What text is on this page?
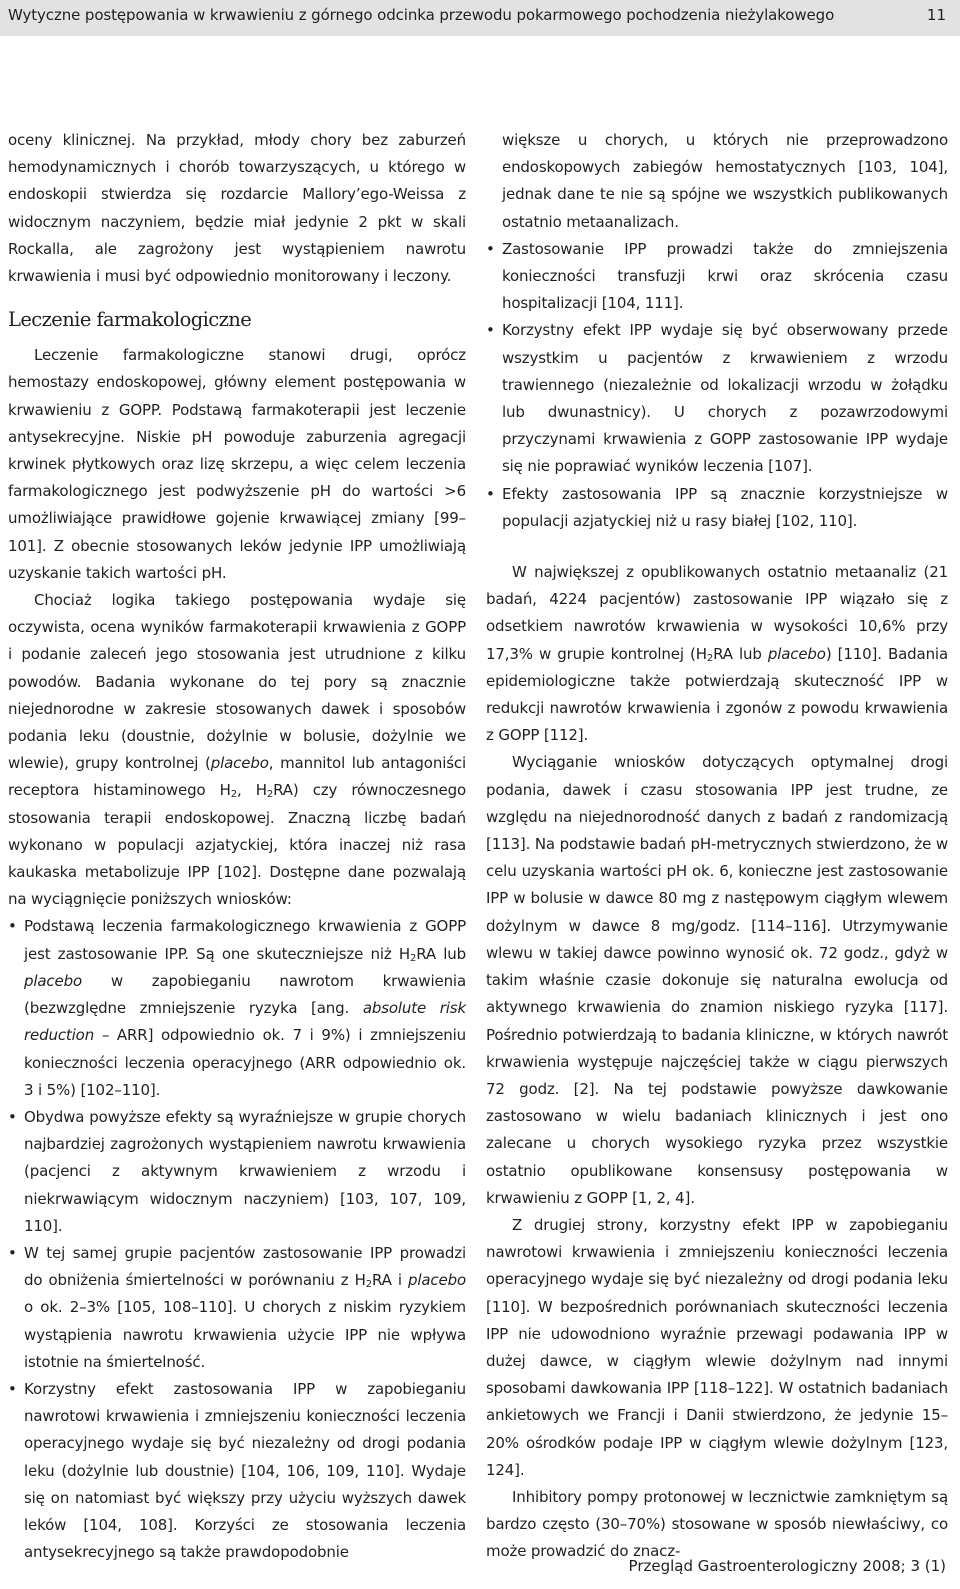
Wytyczne postępowania w krwawieniu z górnego odcinka przewodu pokarmowego pochodzenia nieżylakowego	11

oceny klinicznej. Na przykład, młody chory bez zaburzeń hemodynamicznych i chorób towarzyszących, u którego w endoskopii stwierdza się rozdarcie Mallory’ego-Weissa z widocznym naczyniem, będzie miał jedynie 2 pkt w skali Rockalla, ale zagrożony jest wystąpieniem nawrotu krwawienia i musi być odpowiednio monitorowany i leczony.

Leczenie farmakologiczne

Leczenie farmakologiczne stanowi drugi, oprócz hemostazy endoskopowej, główny element postępowania w krwawieniu z GOPP. Podstawą farmakoterapii jest leczenie antysekrecyjne. Niskie pH powoduje zaburzenia agregacji krwinek płytkowych oraz lizę skrzepu, a więc celem leczenia farmakologicznego jest podwyższenie pH do wartości >6 umożliwiające prawidłowe gojenie krwawiącej zmiany [99–101]. Z obecnie stosowanych leków jedynie IPP umożliwiają uzyskanie takich wartości pH.

Chociaż logika takiego postępowania wydaje się oczywista, ocena wyników farmakoterapii krwawienia z GOPP i podanie zaleceń jego stosowania jest utrudnione z kilku powodów. Badania wykonane do tej pory są znacznie niejednorodne w zakresie stosowanych dawek i sposobów podania leku (doustnie, dożylnie w bolusie, dożylnie we wlewie), grupy kontrolnej (placebo, mannitol lub antagoniści receptora histaminowego $H_2$, $H_2RA$) czy równoczesnego stosowania terapii endoskopowej. Znaczną liczbę badań wykonano w populacji azjatyckiej, która inaczej niż rasa kaukaska metabolizuje IPP [102]. Dostępne dane pozwalają na wyciągnięcie poniższych wniosków:

• Podstawą leczenia farmakologicznego krwawienia z GOPP jest zastosowanie IPP. Są one skuteczniejsze niż $H_2RA$ lub placebo w zapobieganiu nawrotom krwawienia (bezwzględne zmniejszenie ryzyka [ang. absolute risk reduction – ARR] odpowiednio ok. 7 i 9%) i zmniejszeniu konieczności leczenia operacyjnego (ARR odpowiednio ok. 3 i 5%) [102–110].
• Obydwa powyższe efekty są wyraźniejsze w grupie chorych najbardziej zagrożonych wystąpieniem nawrotu krwawienia (pacjenci z aktywnym krwawieniem z wrzodu i niekrwawiącym widocznym naczyniem) [103, 107, 109, 110].
• W tej samej grupie pacjentów zastosowanie IPP prowadzi do obniżenia śmiertelności w porównaniu z $H_2RA$ i placebo o ok. 2–3% [105, 108–110]. U chorych z niskim ryzykiem wystąpienia nawrotu krwawienia użycie IPP nie wpływa istotnie na śmiertelność.
• Korzystny efekt zastosowania IPP w zapobieganiu nawrotowi krwawienia i zmniejszeniu konieczności leczenia operacyjnego wydaje się być niezależny od drogi podania leku (dożylnie lub doustnie) [104, 106, 109, 110]. Wydaje się on natomiast być większy przy użyciu wyższych dawek leków [104, 108]. Korzyści ze stosowania leczenia antysekrecyjnego są także prawdopodobnie

większe u chorych, u których nie przeprowadzono endoskopowych zabiegów hemostatycznych [103, 104], jednak dane te nie są spójne we wszystkich publikowanych ostatnio metaanalizach.

• Zastosowanie IPP prowadzi także do zmniejszenia konieczności transfuzji krwi oraz skrócenia czasu hospitalizacji [104, 111].
• Korzystny efekt IPP wydaje się być obserwowany przede wszystkim u pacjentów z krwawieniem z wrzodu trawiennego (niezależnie od lokalizacji wrzodu w żołądku lub dwunastnicy). U chorych z pozawrzodowymi przyczynami krwawienia z GOPP zastosowanie IPP wydaje się nie poprawiać wyników leczenia [107].
• Efekty zastosowania IPP są znacznie korzystniejsze w populacji azjatyckiej niż u rasy białej [102, 110].

W największej z opublikowanych ostatnio metaanaliz (21 badań, 4224 pacjentów) zastosowanie IPP wiązało się z odsetkiem nawrotów krwawienia w wysokości 10,6% przy 17,3% w grupie kontrolnej ($H_2RA$ lub placebo) [110]. Badania epidemiologiczne także potwierdzają skuteczność IPP w redukcji nawrotów krwawienia i zgonów z powodu krwawienia z GOPP [112].

Wyciąganie wniosków dotyczących optymalnej drogi podania, dawek i czasu stosowania IPP jest trudne, ze względu na niejednorodność danych z badań z randomizacją [113]. Na podstawie badań pH-metrycznych stwierdzono, że w celu uzyskania wartości pH ok. 6, konieczne jest zastosowanie IPP w bolusie w dawce 80 mg z następowym ciągłym wlewem dożylnym w dawce 8 mg/godz. [114–116]. Utrzymywanie wlewu w takiej dawce powinno wynosić ok. 72 godz., gdyż w takim właśnie czasie dokonuje się naturalna ewolucja od aktywnego krwawienia do znamion niskiego ryzyka [117]. Pośrednio potwierdzają to badania kliniczne, w których nawrót krwawienia występuje najczęściej także w ciągu pierwszych 72 godz. [2]. Na tej podstawie powyższe dawkowanie zastosowano w wielu badaniach klinicznych i jest ono zalecane u chorych wysokiego ryzyka przez wszystkie ostatnio opublikowane konsensusy postępowania w krwawieniu z GOPP [1, 2, 4].

Z drugiej strony, korzystny efekt IPP w zapobieganiu nawrotowi krwawienia i zmniejszeniu konieczności leczenia operacyjnego wydaje się być niezależny od drogi podania leku [110]. W bezpośrednich porównaniach skuteczności leczenia IPP nie udowodniono wyraźnie przewagi podawania IPP w dużej dawce, w ciągłym wlewie dożylnym nad innymi sposobami dawkowania IPP [118–122]. W ostatnich badaniach ankietowych we Francji i Danii stwierdzono, że jedynie 15–20% ośrodków podaje IPP w ciągłym wlewie dożylnym [123, 124].

Inhibitory pompy protonowej w lecznictwie zamkniętym są bardzo często (30–70%) stosowane w sposób niewłaściwy, co może prowadzić do znacz-

Przegląd Gastroenterologiczny 2008; 3 (1)
